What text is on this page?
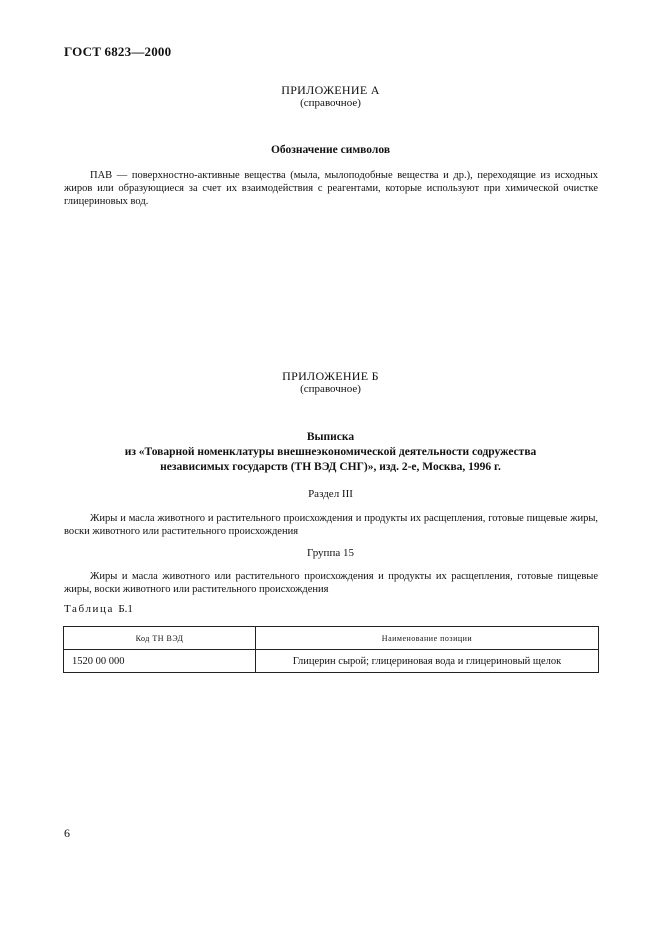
ГОСТ 6823—2000
ПРИЛОЖЕНИЕ А
(справочное)
Обозначение символов
ПАВ — поверхностно-активные вещества (мыла, мылоподобные вещества и др.), переходящие из исходных жиров или образующиеся за счет их взаимодействия с реагентами, которые используют при химической очистке глицериновых вод.
ПРИЛОЖЕНИЕ Б
(справочное)
Выписка
из «Товарной номенклатуры внешнеэкономической деятельности содружества
независимых государств (ТН ВЭД СНГ)», изд. 2-е, Москва, 1996 г.
Раздел III
Жиры и масла животного и растительного происхождения и продукты их расщепления, готовые пищевые жиры, воски животного или растительного происхождения
Группа 15
Жиры и масла животного или растительного происхождения и продукты их расщепления, готовые пищевые жиры, воски животного или растительного происхождения
Таблица Б.1
Код ТН ВЭД	Наименование позиции
1520 00 000	Глицерин сырой; глицериновая вода и глицериновый щелок
6
